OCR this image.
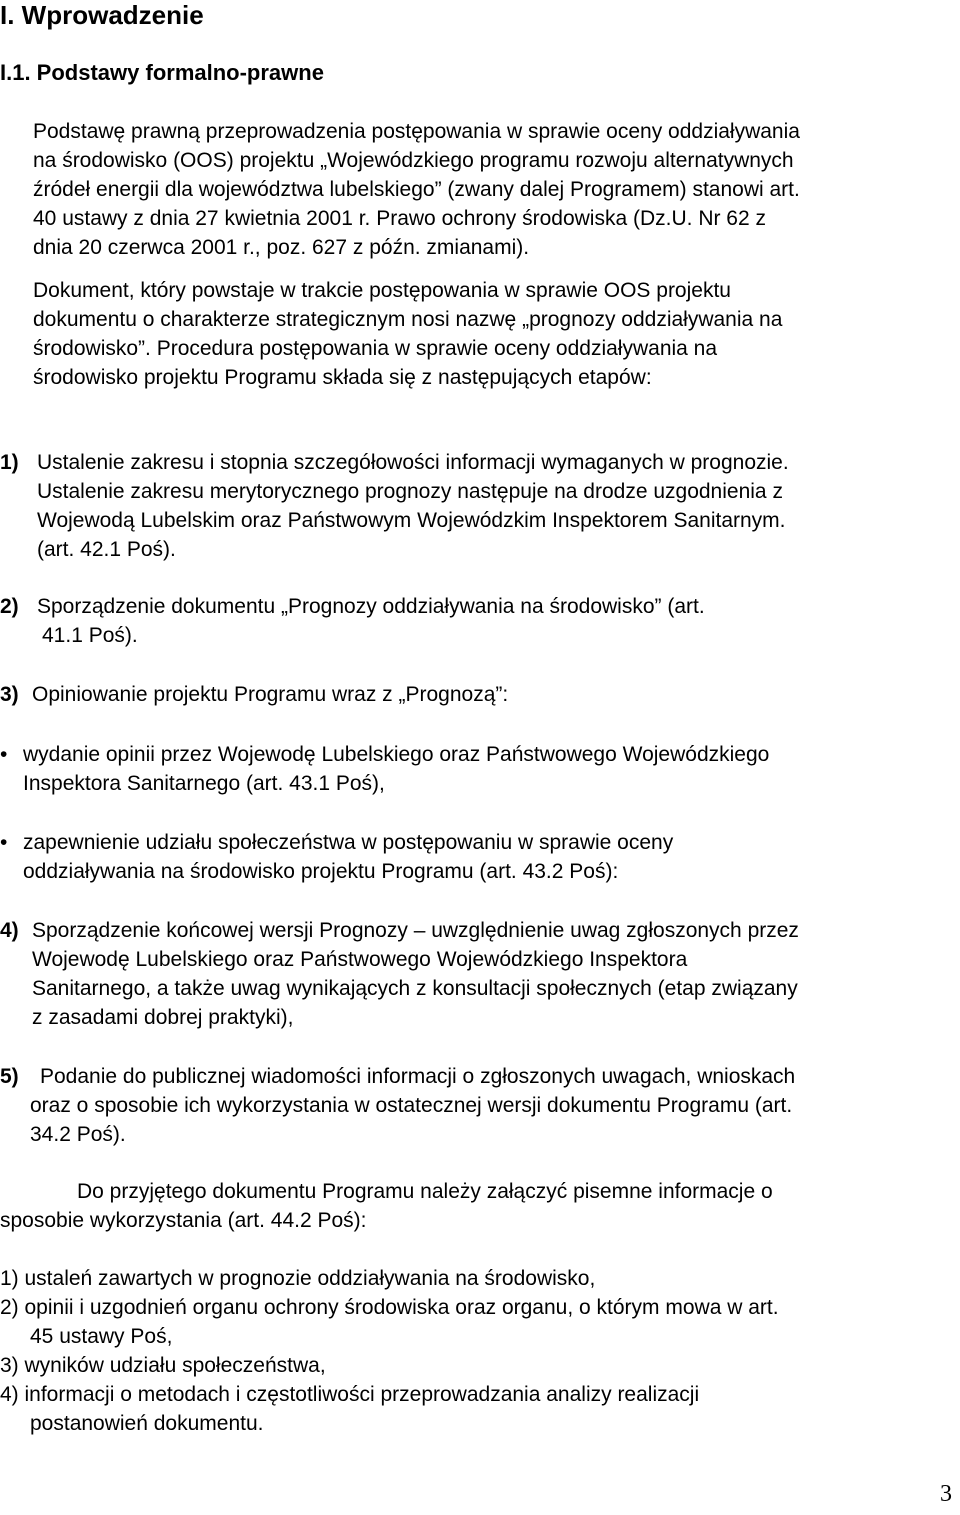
I. Wprowadzenie
I.1. Podstawy formalno-prawne
Podstawę prawną przeprowadzenia postępowania w sprawie oceny oddziaływania
na środowisko (OOS) projektu „Wojewódzkiego programu rozwoju alternatywnych
źródeł energii dla województwa lubelskiego” (zwany dalej Programem) stanowi art.
40 ustawy z dnia 27 kwietnia 2001 r. Prawo ochrony środowiska (Dz.U. Nr 62 z
dnia 20 czerwca 2001 r., poz. 627 z późn. zmianami).
Dokument, który powstaje w trakcie postępowania w sprawie OOS projektu
dokumentu o charakterze strategicznym nosi nazwę „prognozy oddziaływania na
środowisko”. Procedura postępowania w sprawie oceny oddziaływania na
środowisko projektu Programu składa się z następujących etapów:
1) Ustalenie zakresu i stopnia szczegółowości informacji wymaganych w prognozie.
Ustalenie zakresu merytorycznego prognozy następuje na drodze uzgodnienia z
Wojewodą Lubelskim oraz Państwowym Wojewódzkim Inspektorem Sanitarnym.
(art. 42.1 Poś).
2) Sporządzenie dokumentu „Prognozy oddziaływania na środowisko” (art.
41.1 Poś).
3) Opiniowanie projektu Programu wraz z „Prognozą”:
• wydanie opinii przez Wojewodę Lubelskiego oraz Państwowego Wojewódzkiego
Inspektora Sanitarnego (art. 43.1 Poś),
• zapewnienie udziału społeczeństwa w postępowaniu w sprawie oceny
oddziaływania na środowisko projektu Programu (art. 43.2 Poś):
4) Sporządzenie końcowej wersji Prognozy – uwzględnienie uwag zgłoszonych przez
Wojewodę Lubelskiego oraz Państwowego Wojewódzkiego Inspektora
Sanitarnego, a także uwag wynikających z konsultacji społecznych (etap związany
z zasadami dobrej praktyki),
5) Podanie do publicznej wiadomości informacji o zgłoszonych uwagach, wnioskach
oraz o sposobie ich wykorzystania w ostatecznej wersji dokumentu Programu (art.
34.2 Poś).
Do przyjętego dokumentu Programu należy załączyć pisemne informacje o
sposobie wykorzystania (art. 44.2 Poś):
1) ustaleń zawartych w prognozie oddziaływania na środowisko,
2) opinii i uzgodnień organu ochrony środowiska oraz organu, o którym mowa w art.
45 ustawy Poś,
3) wyników udziału społeczeństwa,
4) informacji o metodach i częstotliwości przeprowadzania analizy realizacji
postanowień dokumentu.
3
